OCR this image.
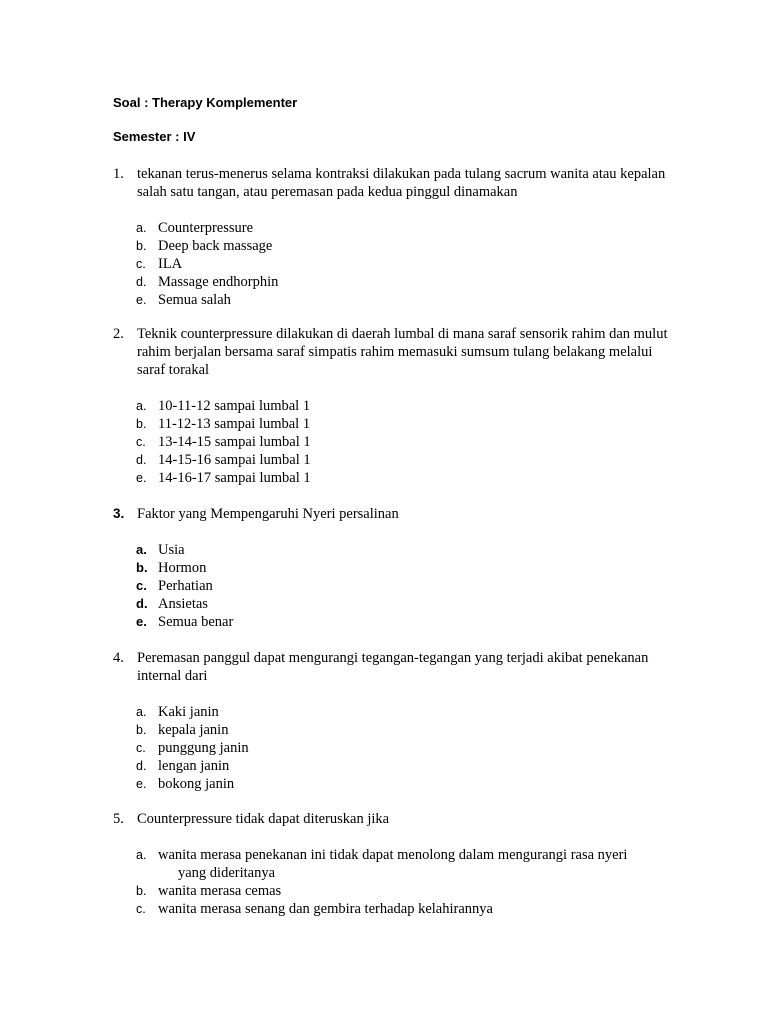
Soal : Therapy Komplementer
Semester : IV
1. tekanan terus-menerus selama kontraksi dilakukan pada tulang sacrum wanita atau kepalan salah satu tangan, atau peremasan pada kedua pinggul dinamakan
a. Counterpressure
b. Deep back massage
c. ILA
d. Massage endhorphin
e. Semua salah
2. Teknik counterpressure dilakukan di daerah lumbal di mana saraf sensorik rahim dan mulut rahim berjalan bersama saraf simpatis rahim memasuki sumsum tulang belakang melalui saraf torakal
a. 10-11-12 sampai lumbal 1
b. 11-12-13 sampai lumbal 1
c. 13-14-15 sampai lumbal 1
d. 14-15-16 sampai lumbal 1
e. 14-16-17 sampai lumbal 1
3. Faktor yang Mempengaruhi Nyeri persalinan
a. Usia
b. Hormon
c. Perhatian
d. Ansietas
e. Semua benar
4. Peremasan panggul dapat mengurangi tegangan-tegangan yang terjadi akibat penekanan internal dari
a. Kaki janin
b. kepala janin
c. punggung janin
d. lengan janin
e. bokong janin
5. Counterpressure tidak dapat diteruskan jika
a. wanita merasa penekanan ini tidak dapat menolong dalam mengurangi rasa nyeri
yang dideritanya
b. wanita merasa cemas
c. wanita merasa senang dan gembira terhadap kelahirannya
